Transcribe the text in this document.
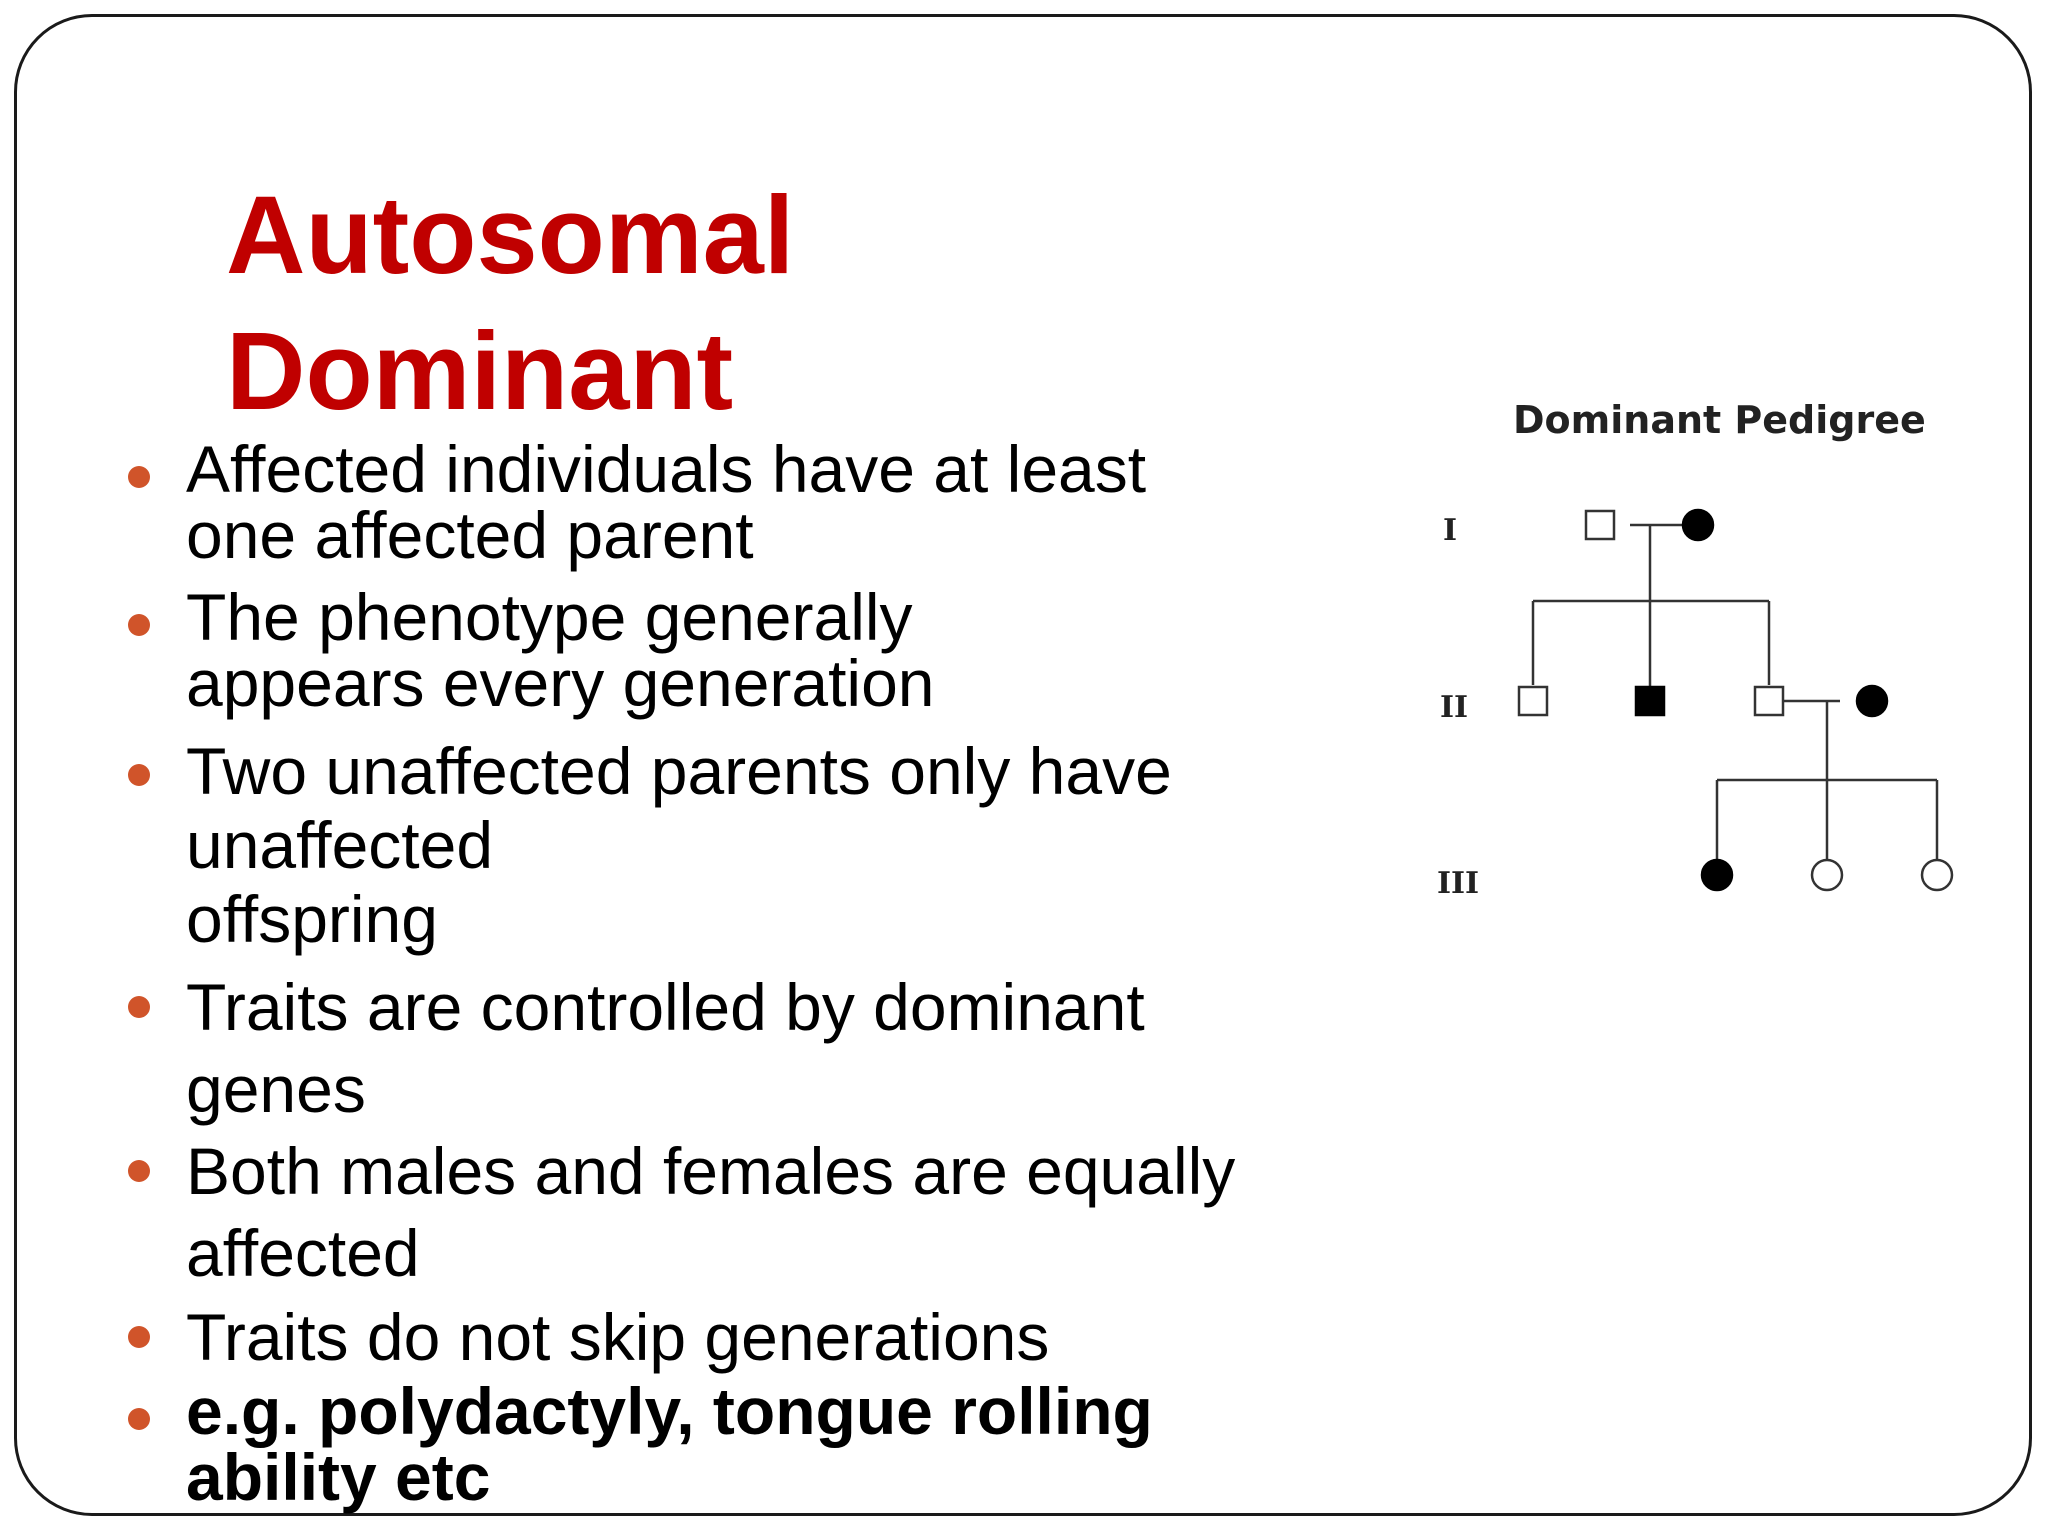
Autosomal
Dominant
Affected individuals have at least
one affected parent
The phenotype generally
appears every generation
Two unaffected parents only have
unaffected
offspring
Traits are controlled by dominant
genes
Both males and females are equally
affected
Traits do not skip generations
e.g. polydactyly, tongue rolling
ability etc
Dominant Pedigree
I
II
III
